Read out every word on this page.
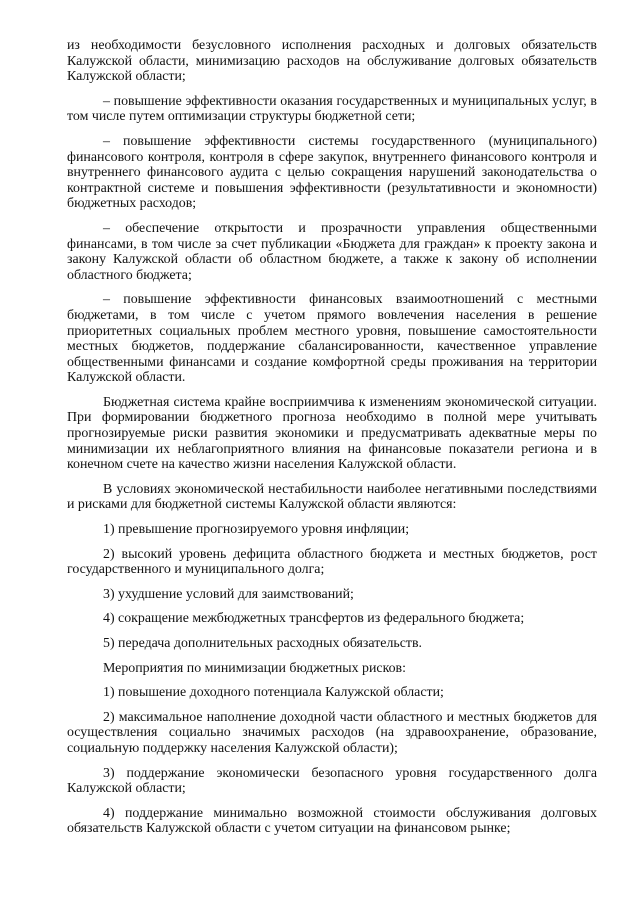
из необходимости безусловного исполнения расходных и долговых обязательств Калужской области, минимизацию расходов на обслуживание долговых обязательств Калужской области;

– повышение эффективности оказания государственных и муниципальных услуг, в том числе путем оптимизации структуры бюджетной сети;

– повышение эффективности системы государственного (муниципального) финансового контроля, контроля в сфере закупок, внутреннего финансового контроля и внутреннего финансового аудита с целью сокращения нарушений законодательства о контрактной системе и повышения эффективности (результативности и экономности) бюджетных расходов;

– обеспечение открытости и прозрачности управления общественными финансами, в том числе за счет публикации «Бюджета для граждан» к проекту закона и закону Калужской области об областном бюджете, а также к закону об исполнении областного бюджета;

– повышение эффективности финансовых взаимоотношений с местными бюджетами, в том числе с учетом прямого вовлечения населения в решение приоритетных социальных проблем местного уровня, повышение самостоятельности местных бюджетов, поддержание сбалансированности, качественное управление общественными финансами и создание комфортной среды проживания на территории Калужской области.

Бюджетная система крайне восприимчива к изменениям экономической ситуации. При формировании бюджетного прогноза необходимо в полной мере учитывать прогнозируемые риски развития экономики и предусматривать адекватные меры по минимизации их неблагоприятного влияния на финансовые показатели региона и в конечном счете на качество жизни населения Калужской области.

В условиях экономической нестабильности наиболее негативными последствиями и рисками для бюджетной системы Калужской области являются:

1) превышение прогнозируемого уровня инфляции;

2) высокий уровень дефицита областного бюджета и местных бюджетов, рост государственного и муниципального долга;

3) ухудшение условий для заимствований;

4) сокращение межбюджетных трансфертов из федерального бюджета;

5) передача дополнительных расходных обязательств.

Мероприятия по минимизации бюджетных рисков:

1) повышение доходного потенциала Калужской области;

2) максимальное наполнение доходной части областного и местных бюджетов для осуществления социально значимых расходов (на здравоохранение, образование, социальную поддержку населения Калужской области);

3) поддержание экономически безопасного уровня государственного долга Калужской области;

4) поддержание минимально возможной стоимости обслуживания долговых обязательств Калужской области с учетом ситуации на финансовом рынке;
